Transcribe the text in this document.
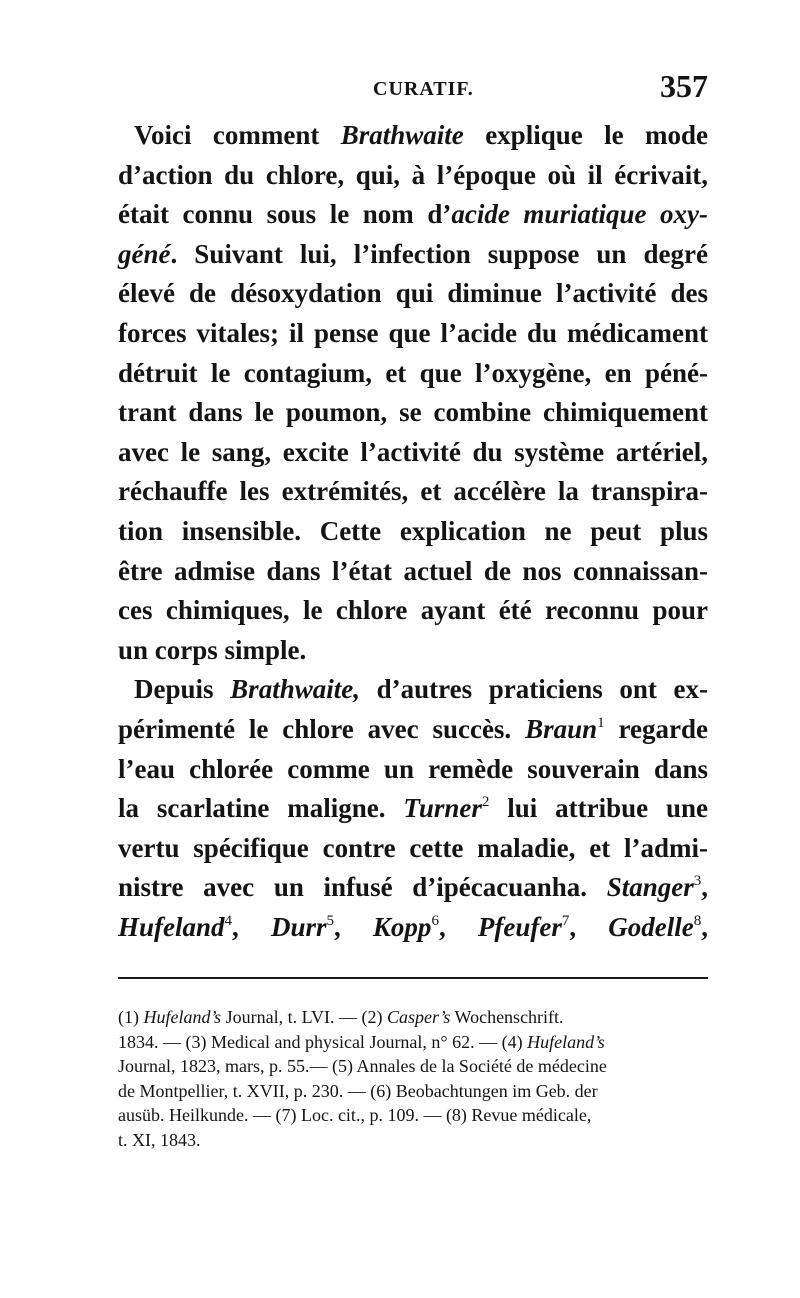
CURATIF.	357
Voici comment Brathwaite explique le mode
d’action du chlore, qui, à l’époque où il écrivait,
était connu sous le nom d’acide muriatique oxy-
géné. Suivant lui, l’infection suppose un degré
élevé de désoxydation qui diminue l’activité des
forces vitales; il pense que l’acide du médicament
détruit le contagium, et que l’oxygène, en péné-
trant dans le poumon, se combine chimiquement
avec le sang, excite l’activité du système artériel,
réchauffe les extrémités, et accélère la transpira-
tion insensible. Cette explication ne peut plus
être admise dans l’état actuel de nos connaissan-
ces chimiques, le chlore ayant été reconnu pour
un corps simple.
Depuis Brathwaite, d’autres praticiens ont ex-
périmenté le chlore avec succès. Braun$^1$ regarde
l’eau chlorée comme un remède souverain dans
la scarlatine maligne. Turner$^2$ lui attribue une
vertu spécifique contre cette maladie, et l’admi-
nistre avec un infusé d’ipécacuanha. Stanger$^3$,
Hufeland$^4$, Durr$^5$, Kopp$^6$, Pfeufer$^7$, Godelle$^8$,
(1) Hufeland’s Journal, t. LVI. — (2) Casper’s Wochenschrift.
1834. — (3) Medical and physical Journal, n° 62. — (4) Hufeland’s
Journal, 1823, mars, p. 55.— (5) Annales de la Société de médecine
de Montpellier, t. XVII, p. 230. — (6) Beobachtungen im Geb. der
ausüb. Heilkunde. — (7) Loc. cit., p. 109. — (8) Revue médicale,
t. XI, 1843.
